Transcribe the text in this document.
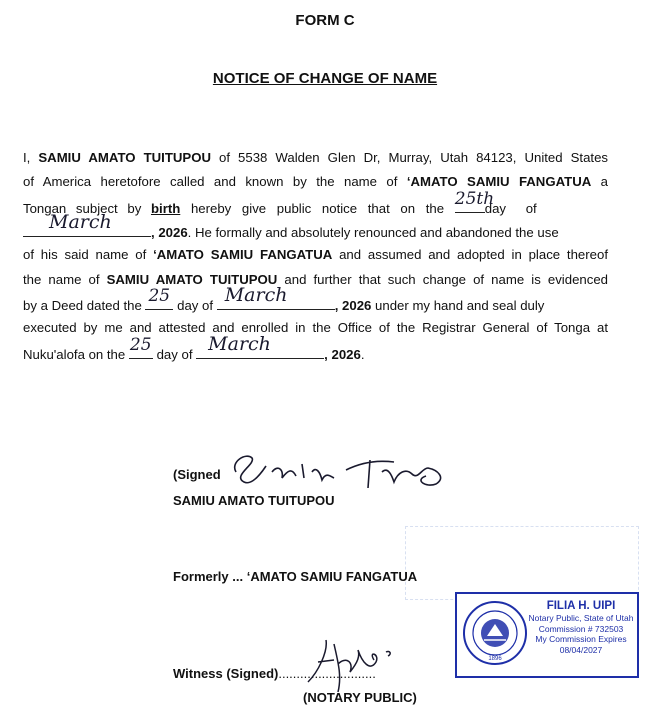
FORM C
NOTICE OF CHANGE OF NAME
I, SAMIU AMATO TUITUPOU of 5538 Walden Glen Dr, Murray, Utah 84123, United States
of America heretofore called and known by the name of ‘AMATO SAMIU FANGATUA a
Tongan subject by birth hereby give public notice that on the 25th
day of
March	, 2026. He formally and absolutely renounced and abandoned the use
of his said name of ‘AMATO SAMIU FANGATUA and assumed and adopted in place thereof
the name of SAMIU AMATO TUITUPOU and further that such change of name is evidenced
by a Deed dated the 25 day of March	, 2026 under my hand and seal duly
executed by me and attested and enrolled in the Office of the Registrar General of Tonga at
Nuku'alofa on the 25 day of March	, 2026.
(Signed
SAMIU AMATO TUITUPOU
Formerly ... ‘AMATO SAMIU FANGATUA
Witness (Signed)...........................
(NOTARY PUBLIC)
1896
FILIA H. UIPI
Notary Public, State of Utah
Commission # 732503
My Commission Expires
08/04/2027
